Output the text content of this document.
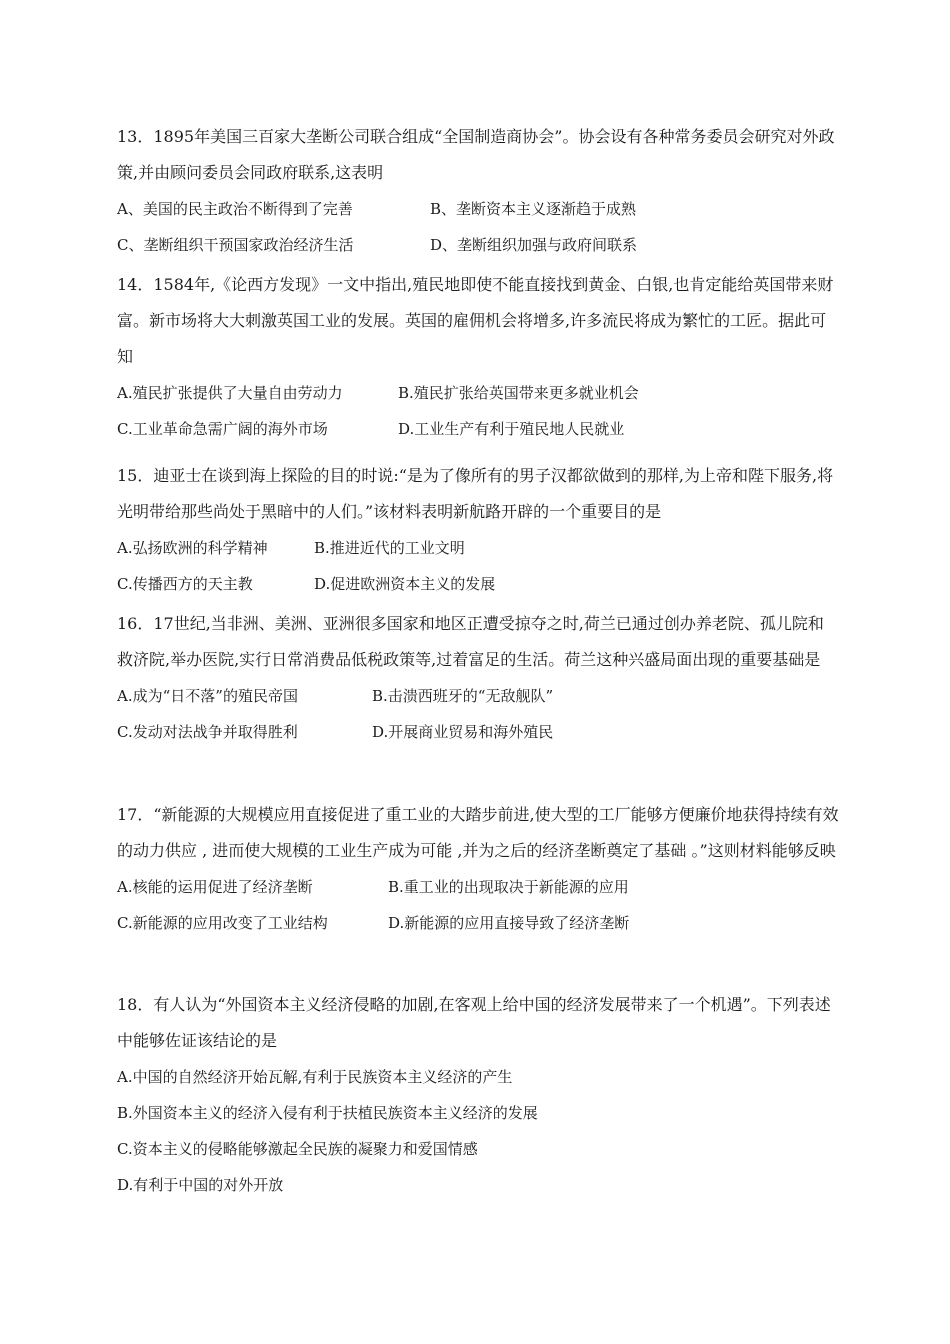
13．1895年美国三百家大垄断公司联合组成“全国制造商协会”。协会设有各种常务委员会研究对外政策,并由顾问委员会同政府联系,这表明

A、美国的民主政治不断得到了完善	B、垄断资本主义逐渐趋于成熟
C、垄断组织干预国家政治经济生活	D、垄断组织加强与政府间联系

14．1584年,《论西方发现》一文中指出,殖民地即使不能直接找到黄金、白银,也肯定能给英国带来财富。新市场将大大刺激英国工业的发展。英国的雇佣机会将增多,许多流民将成为繁忙的工匠。据此可知

A.殖民扩张提供了大量自由劳动力	B.殖民扩张给英国带来更多就业机会
C.工业革命急需广阔的海外市场	D.工业生产有利于殖民地人民就业

15．迪亚士在谈到海上探险的目的时说:“是为了像所有的男子汉都欲做到的那样,为上帝和陛下服务,将光明带给那些尚处于黑暗中的人们。”该材料表明新航路开辟的一个重要目的是

A.弘扬欧洲的科学精神	B.推进近代的工业文明
C.传播西方的天主教	D.促进欧洲资本主义的发展

16．17世纪,当非洲、美洲、亚洲很多国家和地区正遭受掠夺之时,荷兰已通过创办养老院、孤儿院和救济院,举办医院,实行日常消费品低税政策等,过着富足的生活。荷兰这种兴盛局面出现的重要基础是

A.成为“日不落”的殖民帝国	B.击溃西班牙的“无敌舰队”
C.发动对法战争并取得胜利	D.开展商业贸易和海外殖民

17．“新能源的大规模应用直接促进了重工业的大踏步前进,使大型的工厂能够方便廉价地获得持续有效的动力供应 , 进而使大规模的工业生产成为可能 ,并为之后的经济垄断奠定了基础 。”这则材料能够反映

A.核能的运用促进了经济垄断	B.重工业的出现取决于新能源的应用
C.新能源的应用改变了工业结构	D.新能源的应用直接导致了经济垄断

18．有人认为“外国资本主义经济侵略的加剧,在客观上给中国的经济发展带来了一个机遇”。下列表述中能够佐证该结论的是

A.中国的自然经济开始瓦解,有利于民族资本主义经济的产生
B.外国资本主义的经济入侵有利于扶植民族资本主义经济的发展
C.资本主义的侵略能够激起全民族的凝聚力和爱国情感
D.有利于中国的对外开放
